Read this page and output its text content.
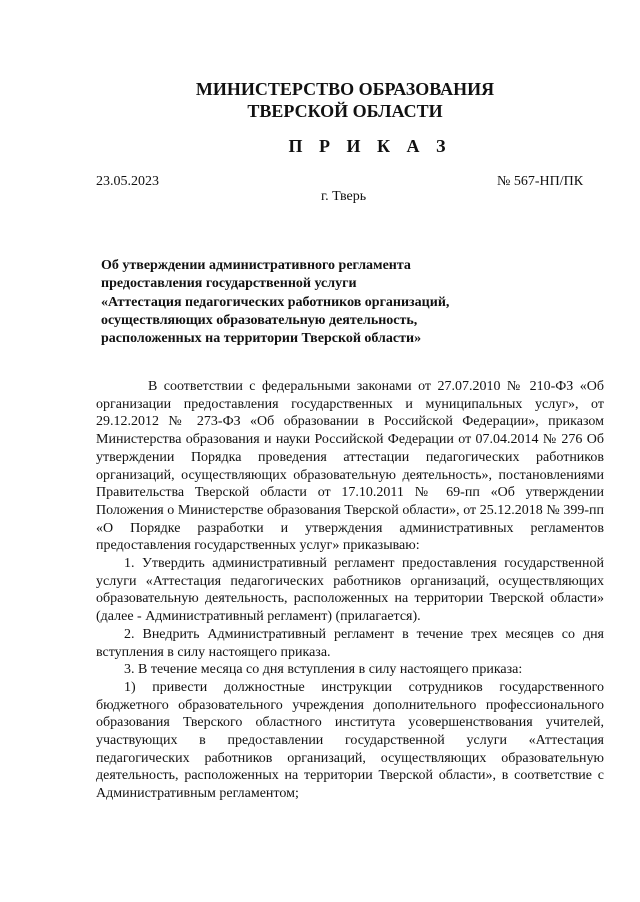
МИНИСТЕРСТВО ОБРАЗОВАНИЯ
ТВЕРСКОЙ ОБЛАСТИ
П Р И К А З
23.05.2023	№ 567-НП/ПК
г. Тверь
Об утверждении административного регламента
предоставления государственной услуги
«Аттестация педагогических работников организаций,
осуществляющих образовательную деятельность,
расположенных на территории Тверской области»

В соответствии с федеральными законами от 27.07.2010 № 210-ФЗ «Об организации предоставления государственных и муниципальных услуг», от 29.12.2012 № 273-ФЗ «Об образовании в Российской Федерации», приказом Министерства образования и науки Российской Федерации от 07.04.2014 № 276 Об утверждении Порядка проведения аттестации педагогических работников организаций, осуществляющих образовательную деятельность», постановлениями Правительства Тверской области от 17.10.2011 № 69-пп «Об утверждении Положения о Министерстве образования Тверской области», от 25.12.2018 № 399-пп «О Порядке разработки и утверждения административных регламентов предоставления государственных услуг» приказываю:

1. Утвердить административный регламент предоставления государственной услуги «Аттестация педагогических работников организаций, осуществляющих образовательную деятельность, расположенных на территории Тверской области» (далее - Административный регламент) (прилагается).

2. Внедрить Административный регламент в течение трех месяцев со дня вступления в силу настоящего приказа.

3. В течение месяца со дня вступления в силу настоящего приказа:

1) привести должностные инструкции сотрудников государственного бюджетного образовательного учреждения дополнительного профессионального образования Тверского областного института усовершенствования учителей, участвующих в предоставлении государственной услуги «Аттестация педагогических работников организаций, осуществляющих образовательную деятельность, расположенных на территории Тверской области», в соответствие с Административным регламентом;
